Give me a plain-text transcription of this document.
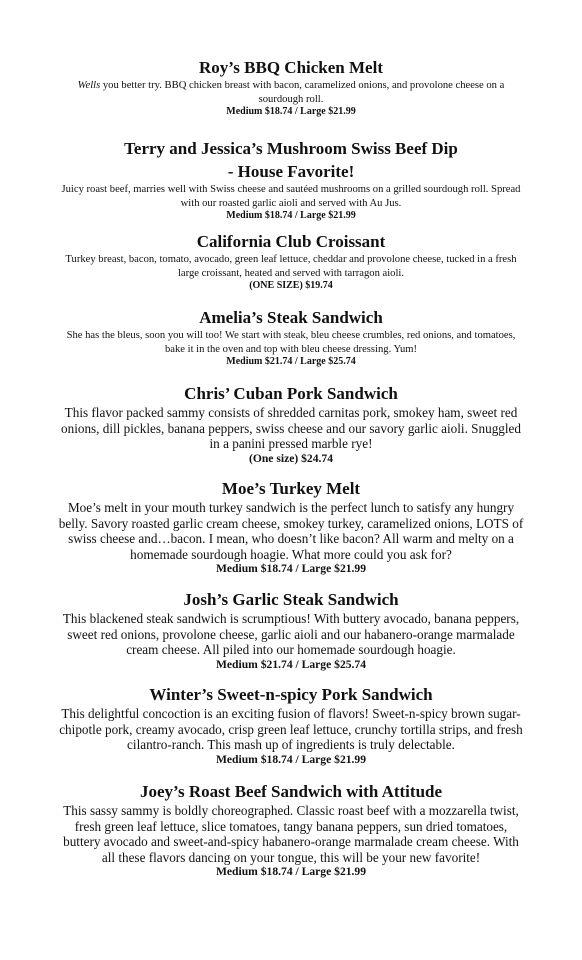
Roy’s BBQ Chicken Melt

Wells you better try. BBQ chicken breast with bacon, caramelized onions, and provolone cheese on a sourdough roll.

Medium $18.74 / Large $21.99

Terry and Jessica’s Mushroom Swiss Beef Dip
- House Favorite!

Juicy roast beef, marries well with Swiss cheese and sautéed mushrooms on a grilled sourdough roll. Spread with our roasted garlic aioli and served with Au Jus.

Medium $18.74 / Large $21.99

California Club Croissant

Turkey breast, bacon, tomato, avocado, green leaf lettuce, cheddar and provolone cheese, tucked in a fresh large croissant, heated and served with tarragon aioli.

(ONE SIZE) $19.74

Amelia’s Steak Sandwich

She has the bleus, soon you will too! We start with steak, bleu cheese crumbles, red onions, and tomatoes, bake it in the oven and top with bleu cheese dressing. Yum!

Medium $21.74 / Large $25.74

Chris’ Cuban Pork Sandwich

This flavor packed sammy consists of shredded carnitas pork, smokey ham, sweet red onions, dill pickles, banana peppers, swiss cheese and our savory garlic aioli. Snuggled in a panini pressed marble rye!

(One size) $24.74

Moe’s Turkey Melt

Moe’s melt in your mouth turkey sandwich is the perfect lunch to satisfy any hungry belly. Savory roasted garlic cream cheese, smokey turkey, caramelized onions, LOTS of swiss cheese and…bacon. I mean, who doesn’t like bacon? All warm and melty on a homemade sourdough hoagie. What more could you ask for?

Medium $18.74 / Large $21.99

Josh’s Garlic Steak Sandwich

This blackened steak sandwich is scrumptious! With buttery avocado, banana peppers, sweet red onions, provolone cheese, garlic aioli and our habanero-orange marmalade cream cheese. All piled into our homemade sourdough hoagie.

Medium $21.74 / Large $25.74

Winter’s Sweet-n-spicy Pork Sandwich

This delightful concoction is an exciting fusion of flavors! Sweet-n-spicy brown sugar-chipotle pork, creamy avocado, crisp green leaf lettuce, crunchy tortilla strips, and fresh cilantro-ranch. This mash up of ingredients is truly delectable.

Medium $18.74 / Large $21.99

Joey’s Roast Beef Sandwich with Attitude

This sassy sammy is boldly choreographed. Classic roast beef with a mozzarella twist, fresh green leaf lettuce, slice tomatoes, tangy banana peppers, sun dried tomatoes, buttery avocado and sweet-and-spicy habanero-orange marmalade cream cheese. With all these flavors dancing on your tongue, this will be your new favorite!

Medium $18.74 / Large $21.99
